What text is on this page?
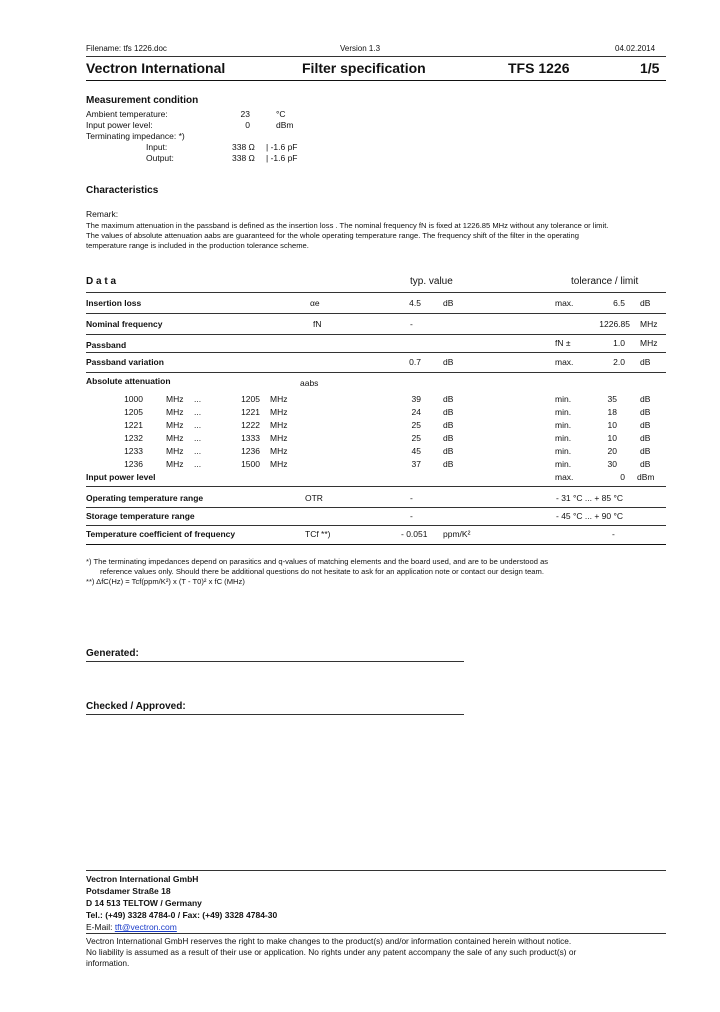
Filename: tfs 1226.doc	Version 1.3	04.02.2014
Vectron International	Filter specification	TFS 1226	1/5
Measurement condition
Ambient temperature:	23	°C
Input power level:	0	dBm
Terminating impedance: *)
Input:	338 Ω | -1.6 pF
Output:	338 Ω | -1.6 pF
Characteristics
Remark:
The maximum attenuation in the passband is defined as the insertion loss . The nominal frequency fN is fixed at 1226.85 MHz without any tolerance or limit.
The values of absolute attenuation aabs are guaranteed for the whole operating temperature range. The frequency shift of the filter in the operating
temperature range is included in the production tolerance scheme.
D a t a	typ. value	tolerance / limit
Insertion loss	αe	4.5	dB	max.	6.5 dB
Nominal frequency	fN	-	1226.85 MHz
Passband	fN ±	1.0 MHz
Passband variation	0.7	dB	max.	2.0 dB
Absolute attenuation	aabs
1000	MHz ...	1205 MHz	39	dB	min.	35	dB
1205	MHz ...	1221 MHz	24	dB	min.	18	dB
1221	MHz ...	1222 MHz	25	dB	min.	10	dB
1232	MHz ...	1333 MHz	25	dB	min.	10	dB
1233	MHz ...	1236 MHz	45	dB	min.	20	dB
1236	MHz ...	1500 MHz	37	dB	min.	30	dB
Input power level	max.	0 dBm
Operating temperature range	OTR	-	- 31 °C ... + 85 °C
Storage temperature range	-	- 45 °C ... + 90 °C
Temperature coefficient of frequency	TCf **)	- 0.051 ppm/K²	-
*) The terminating impedances depend on parasitics and q-values of matching elements and the board used, and are to be understood as
reference values only. Should there be additional questions do not hesitate to ask for an application note or contact our design team.
**) ΔfC(Hz) = Tcf(ppm/K²) x (T - T0)² x fC (MHz)
Generated:
Checked / Approved:
Vectron International GmbH
Potsdamer Straße 18
D 14 513 TELTOW / Germany
Tel.: (+49) 3328 4784-0 / Fax: (+49) 3328 4784-30
E-Mail: tft@vectron.com
Vectron International GmbH reserves the right to make changes to the product(s) and/or information contained herein without notice.
No liability is assumed as a result of their use or application. No rights under any patent accompany the sale of any such product(s) or
information.
